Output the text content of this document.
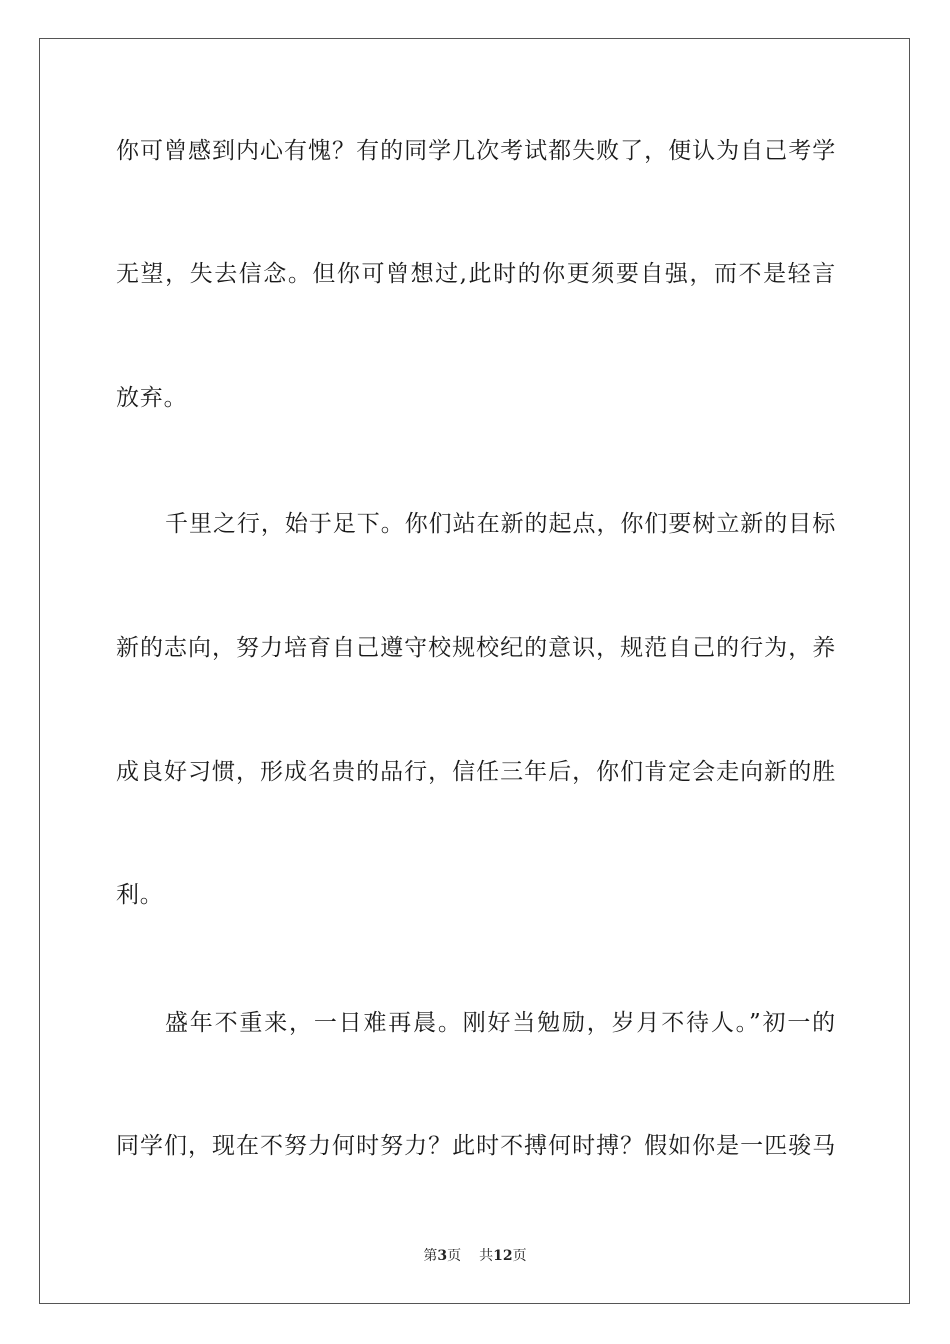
你可曾感到内心有愧？有的同学几次考试都失败了，便认为自己考学
无望，失去信念。但你可曾想过,此时的你更须要自强，而不是轻言
放弃。
千里之行，始于足下。你们站在新的起点，你们要树立新的目标
新的志向，努力培育自己遵守校规校纪的意识，规范自己的行为，养
成良好习惯，形成名贵的品行，信任三年后，你们肯定会走向新的胜
利。
盛年不重来，一日难再晨。刚好当勉励，岁月不待人。”初一的
同学们，现在不努力何时努力？此时不搏何时搏？假如你是一匹骏马
第3页 共12页
